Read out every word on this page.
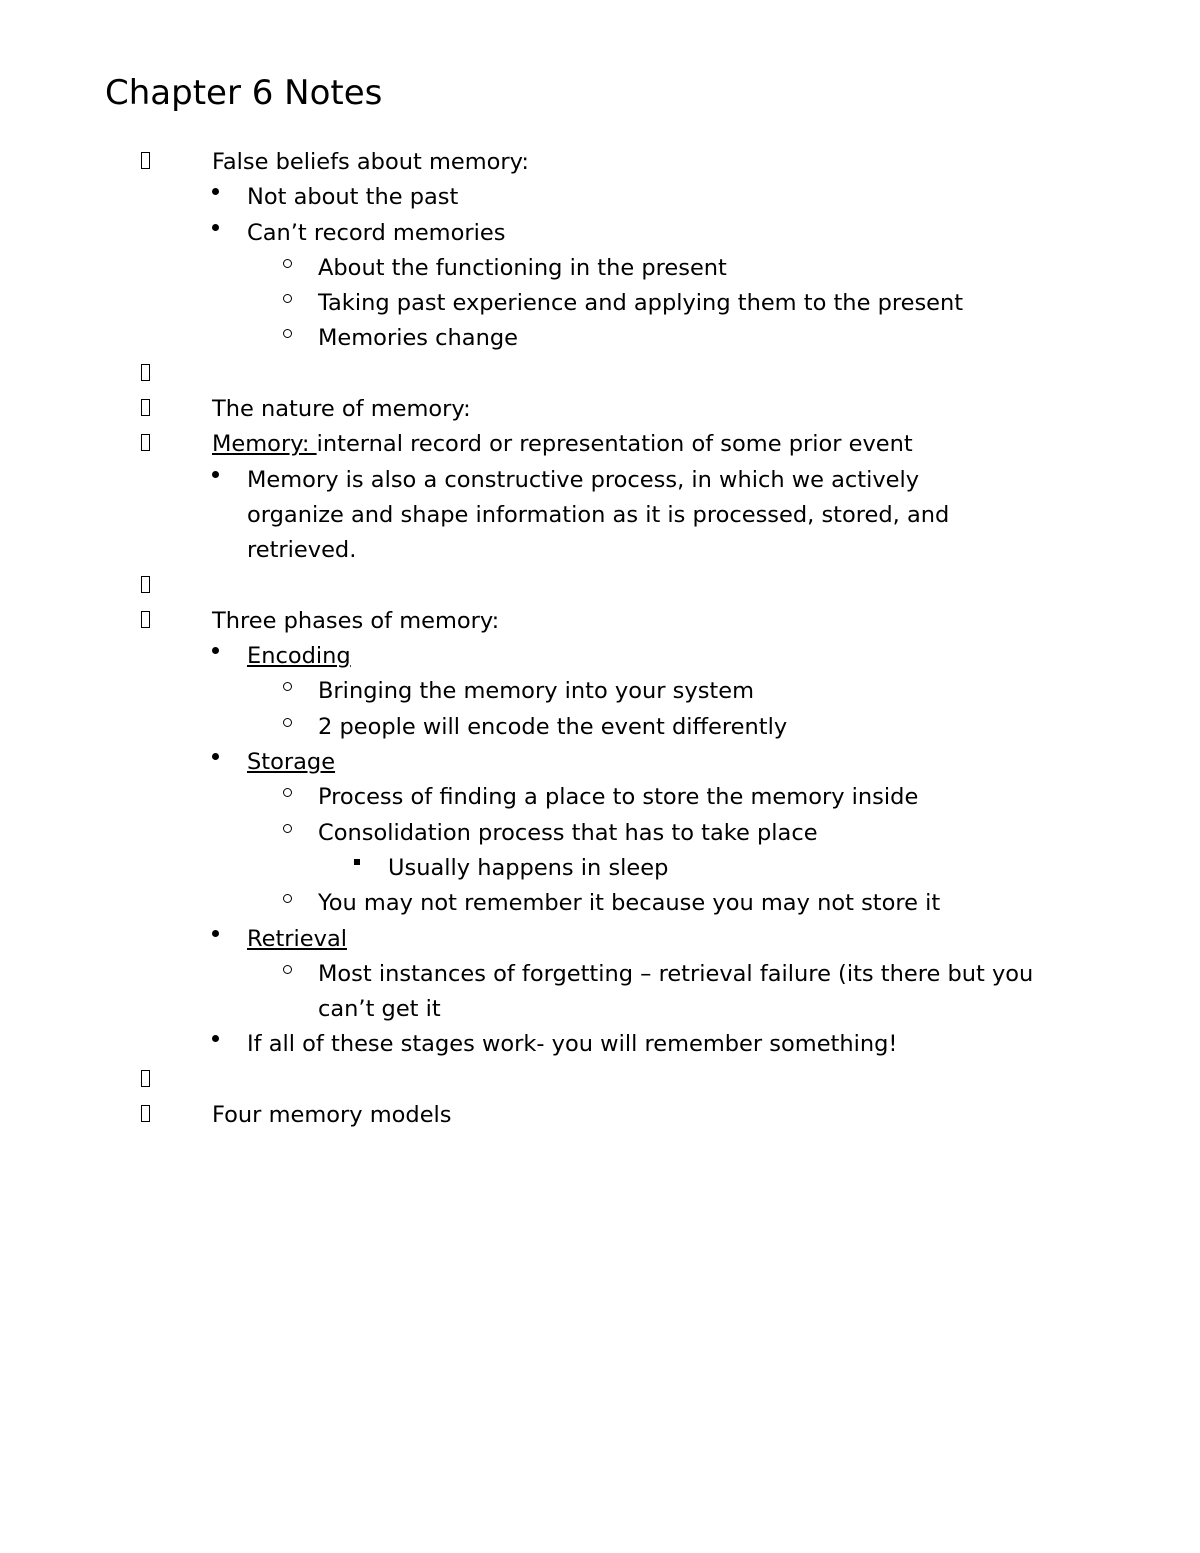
Chapter 6 Notes
False beliefs about memory:
Not about the past
Can’t record memories
About the functioning in the present
Taking past experience and applying them to the present
Memories change
The nature of memory:
Memory: internal record or representation of some prior event
Memory is also a constructive process, in which we actively organize and shape information as it is processed, stored, and retrieved.
Three phases of memory:
Encoding
Bringing the memory into your system
2 people will encode the event differently
Storage
Process of finding a place to store the memory inside
Consolidation process that has to take place
Usually happens in sleep
You may not remember it because you may not store it
Retrieval
Most instances of forgetting – retrieval failure (its there but you can’t get it
If all of these stages work- you will remember something!
Four memory models
